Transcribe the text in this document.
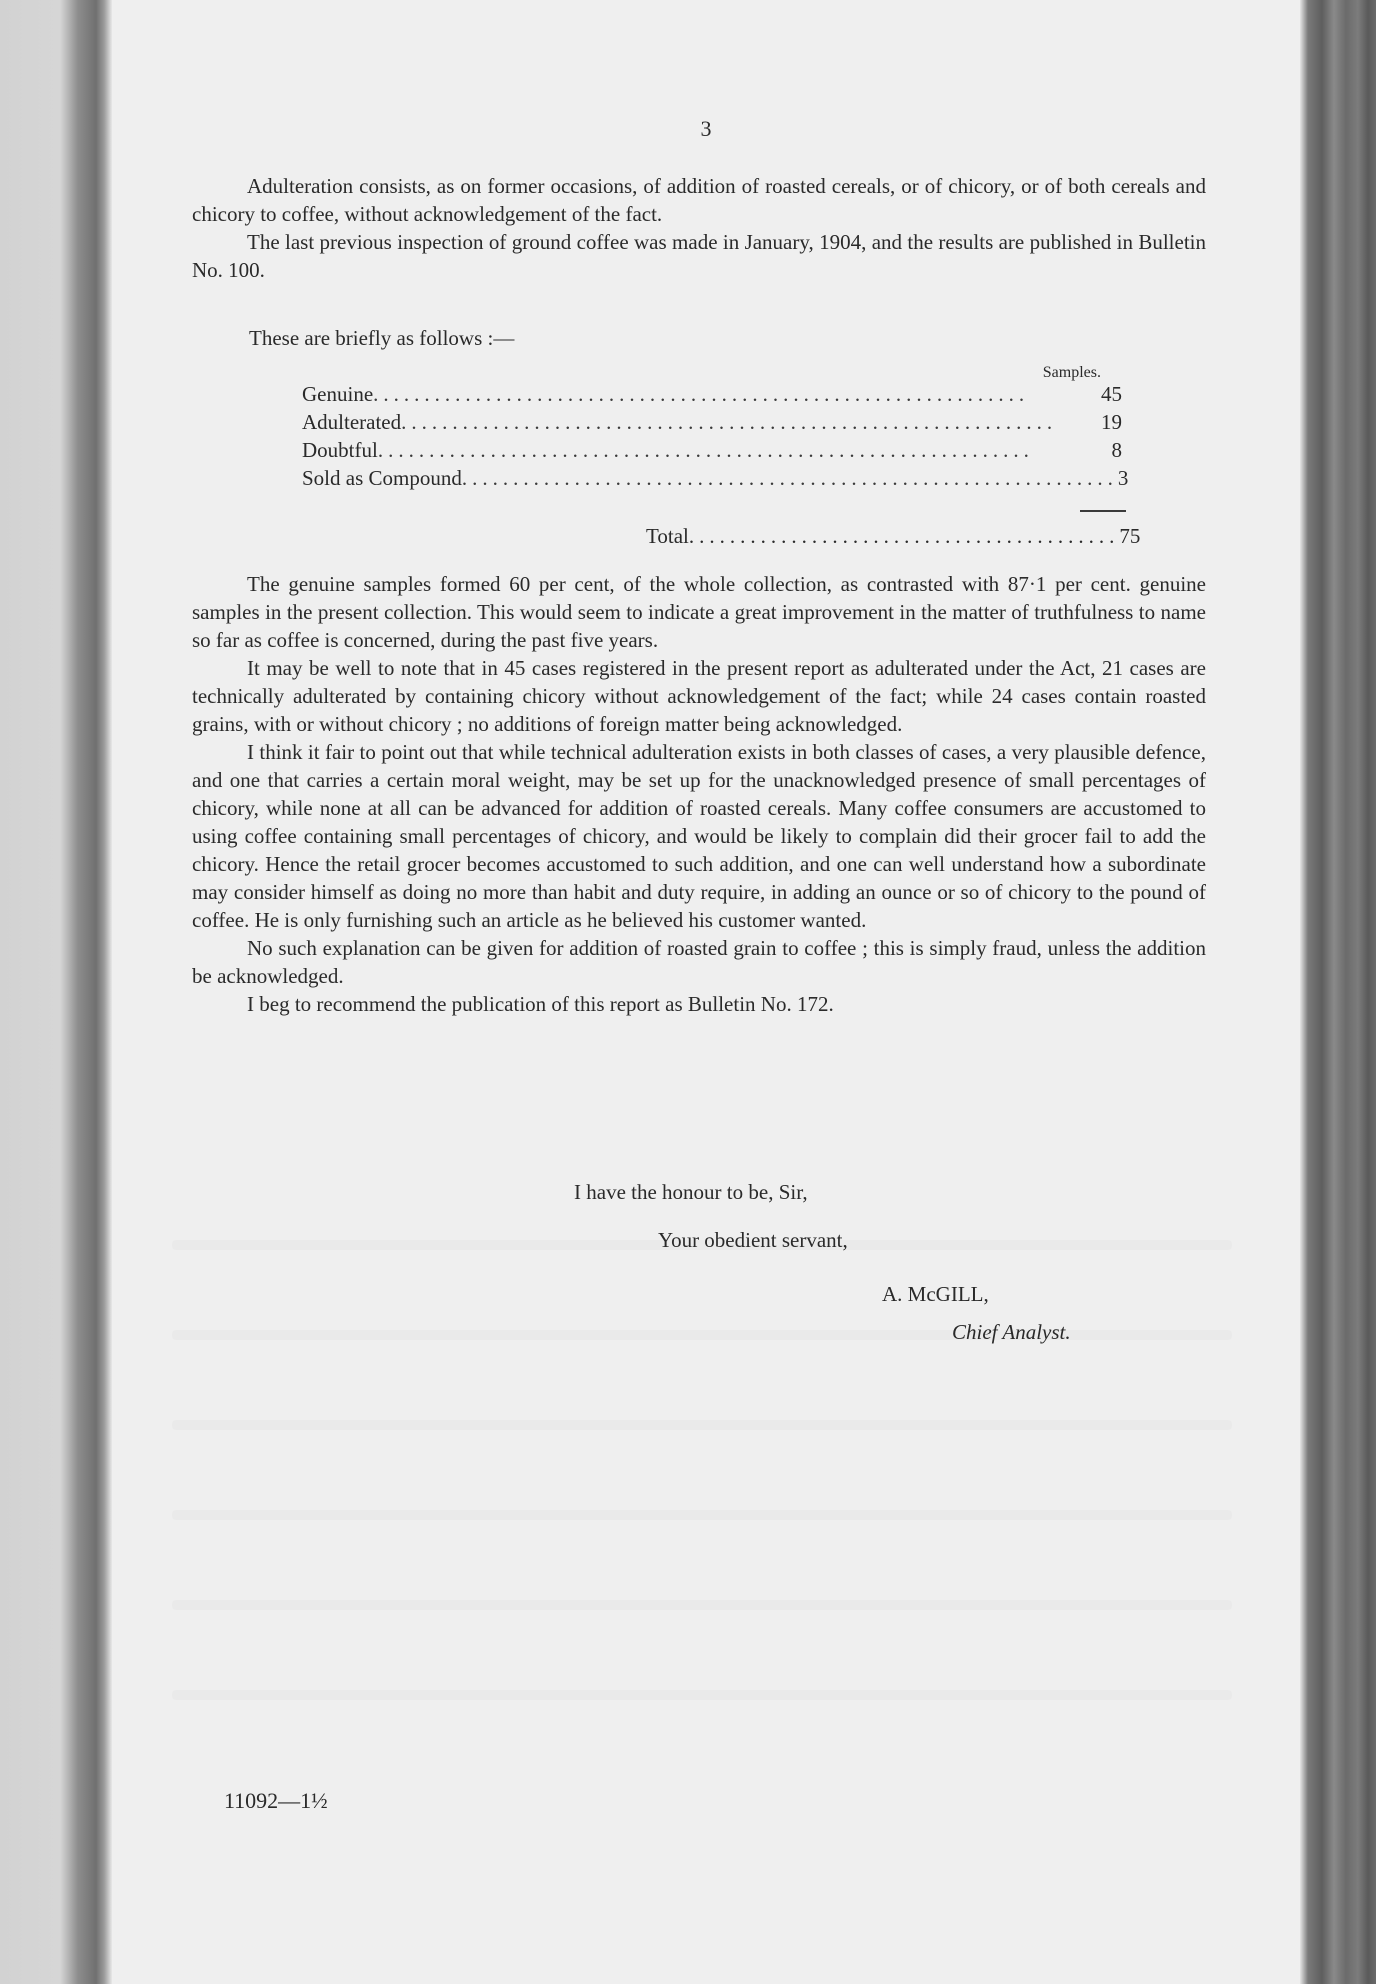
3

Adulteration consists, as on former occasions, of addition of roasted cereals, or of chicory, or of both cereals and chicory to coffee, without acknowledgement of the fact.

The last previous inspection of ground coffee was made in January, 1904, and the results are published in Bulletin No. 100.

These are briefly as follows :—
Samples.
Genuine ................................................................	45
Adulterated ................................................................	19
Doubtful ................................................................	8
Sold as Compound ................................................................ 3
Total .......................................... 75

The genuine samples formed 60 per cent, of the whole collection, as contrasted with 87·1 per cent. genuine samples in the present collection. This would seem to indicate a great improvement in the matter of truthfulness to name so far as coffee is concerned, during the past five years.

It may be well to note that in 45 cases registered in the present report as adulterated under the Act, 21 cases are technically adulterated by containing chicory without acknowledgement of the fact; while 24 cases contain roasted grains, with or without chicory ; no additions of foreign matter being acknowledged.

I think it fair to point out that while technical adulteration exists in both classes of cases, a very plausible defence, and one that carries a certain moral weight, may be set up for the unacknowledged presence of small percentages of chicory, while none at all can be advanced for addition of roasted cereals. Many coffee consumers are accustomed to using coffee containing small percentages of chicory, and would be likely to complain did their grocer fail to add the chicory. Hence the retail grocer becomes accustomed to such addition, and one can well understand how a subordinate may consider himself as doing no more than habit and duty require, in adding an ounce or so of chicory to the pound of coffee. He is only furnishing such an article as he believed his customer wanted.

No such explanation can be given for addition of roasted grain to coffee ; this is simply fraud, unless the addition be acknowledged.

I beg to recommend the publication of this report as Bulletin No. 172.

I have the honour to be, Sir,
Your obedient servant,
A. McGILL,
Chief Analyst.
11092—1½
